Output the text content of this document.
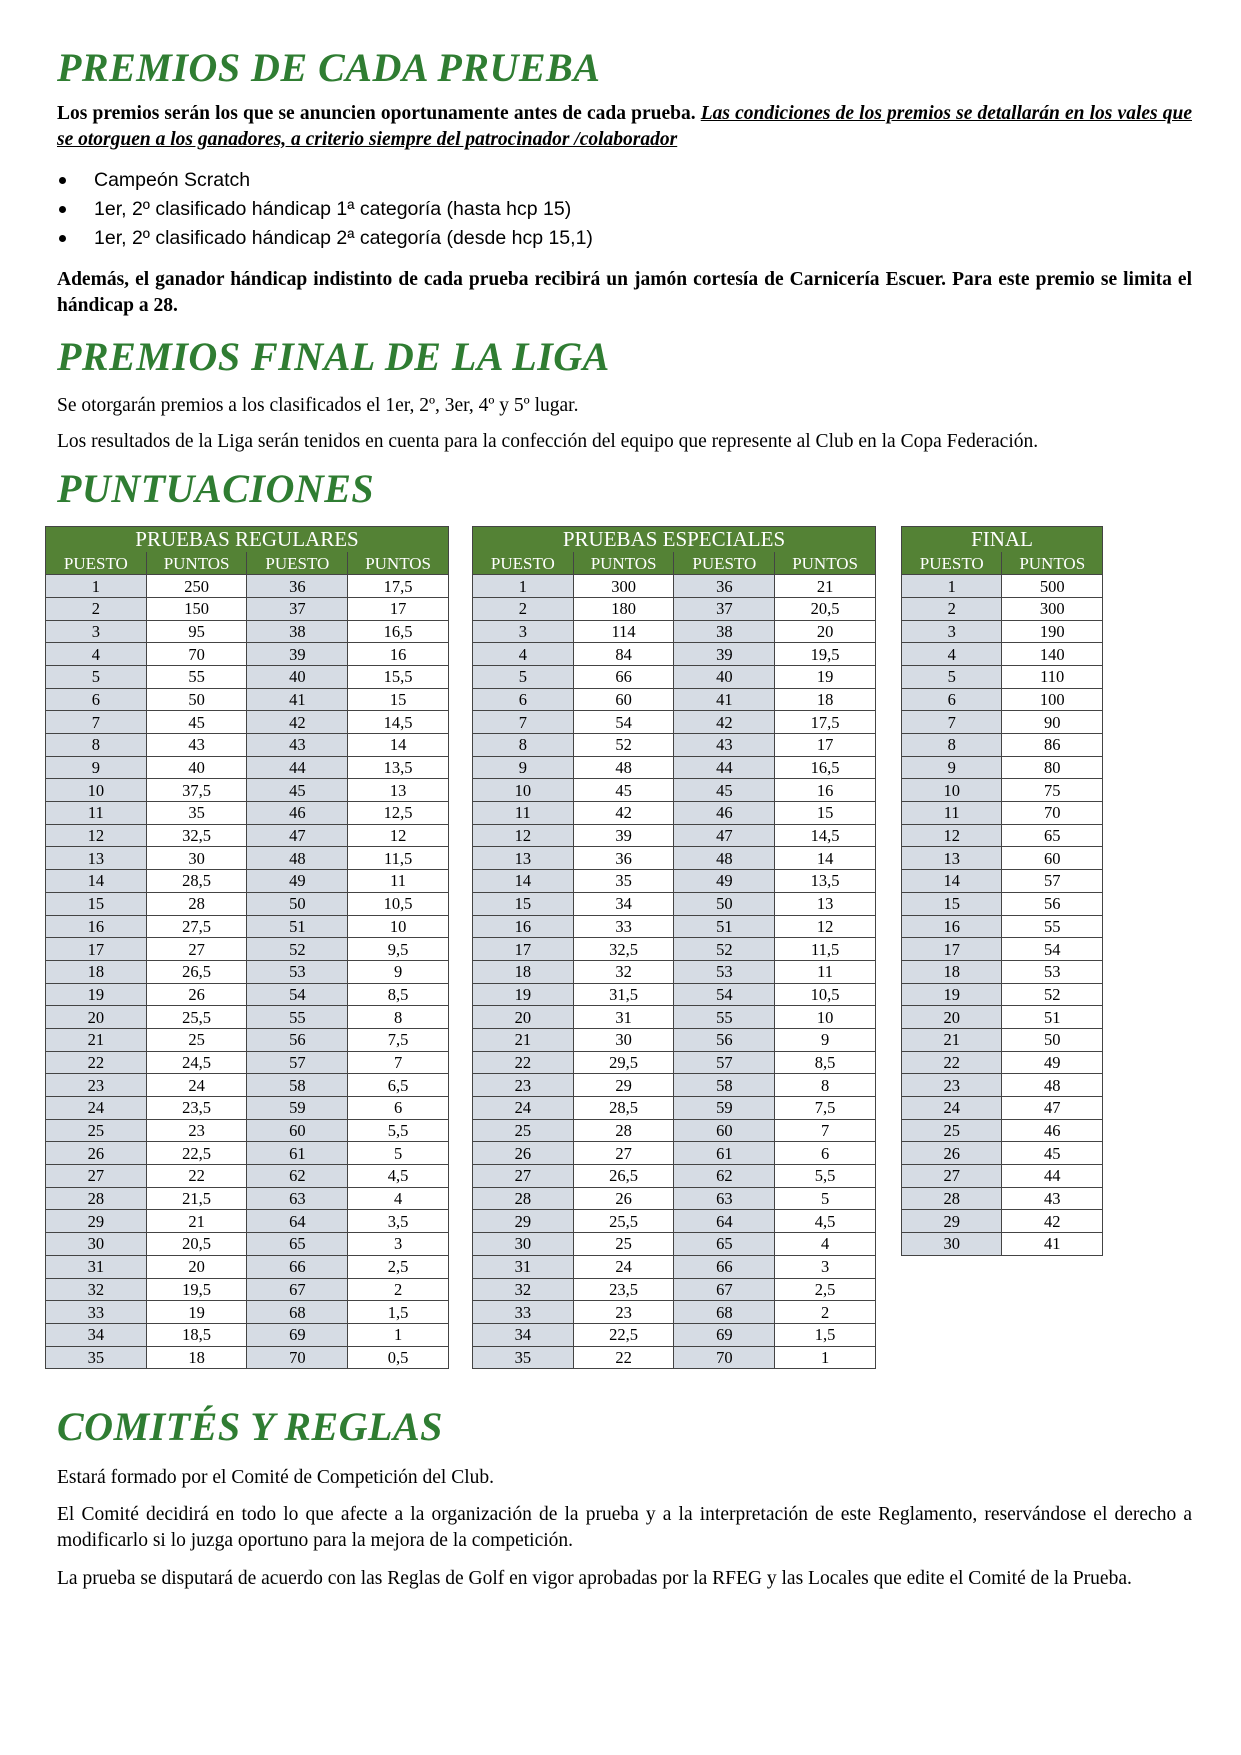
PREMIOS DE CADA PRUEBA

Los premios serán los que se anuncien oportunamente antes de cada prueba. Las condiciones de los premios se detallarán en los vales que se otorguen a los ganadores, a criterio siempre del patrocinador /colaborador

Campeón Scratch
1er, 2º clasificado hándicap 1ª categoría (hasta hcp 15)
1er, 2º clasificado hándicap 2ª categoría (desde hcp 15,1)

Además, el ganador hándicap indistinto de cada prueba recibirá un jamón cortesía de Carnicería Escuer. Para este premio se limita el hándicap a 28.

PREMIOS FINAL DE LA LIGA

Se otorgarán premios a los clasificados el 1er, 2º, 3er, 4º y 5º lugar.

Los resultados de la Liga serán tenidos en cuenta para la confección del equipo que represente al Club en la Copa Federación.

PUNTUACIONES
COMITÉS Y REGLAS

Estará formado por el Comité de Competición del Club.

El Comité decidirá en todo lo que afecte a la organización de la prueba y a la interpretación de este Reglamento, reservándose el derecho a modificarlo si lo juzga oportuno para la mejora de la competición.

La prueba se disputará de acuerdo con las Reglas de Golf en vigor aprobadas por la RFEG y las Locales que edite el Comité de la Prueba.

PRUEBAS REGULARES			
PUESTO	PUNTOS	PUESTO	PUNTOS
1	250	36	17,5
2	150	37	17
3	95	38	16,5
4	70	39	16
5	55	40	15,5
6	50	41	15
7	45	42	14,5
8	43	43	14
9	40	44	13,5
10	37,5	45	13
11	35	46	12,5
12	32,5	47	12
13	30	48	11,5
14	28,5	49	11
15	28	50	10,5
16	27,5	51	10
17	27	52	9,5
18	26,5	53	9
19	26	54	8,5
20	25,5	55	8
21	25	56	7,5
22	24,5	57	7
23	24	58	6,5
24	23,5	59	6
25	23	60	5,5
26	22,5	61	5
27	22	62	4,5
28	21,5	63	4
29	21	64	3,5
30	20,5	65	3
31	20	66	2,5
32	19,5	67	2
33	19	68	1,5
34	18,5	69	1
35	18	70	0,5
PRUEBAS ESPECIALES			
PUESTO	PUNTOS	PUESTO	PUNTOS
1	300	36	21
2	180	37	20,5
3	114	38	20
4	84	39	19,5
5	66	40	19
6	60	41	18
7	54	42	17,5
8	52	43	17
9	48	44	16,5
10	45	45	16
11	42	46	15
12	39	47	14,5
13	36	48	14
14	35	49	13,5
15	34	50	13
16	33	51	12
17	32,5	52	11,5
18	32	53	11
19	31,5	54	10,5
20	31	55	10
21	30	56	9
22	29,5	57	8,5
23	29	58	8
24	28,5	59	7,5
25	28	60	7
26	27	61	6
27	26,5	62	5,5
28	26	63	5
29	25,5	64	4,5
30	25	65	4
31	24	66	3
32	23,5	67	2,5
33	23	68	2
34	22,5	69	1,5
35	22	70	1
FINAL	
PUESTO	PUNTOS
1	500
2	300
3	190
4	140
5	110
6	100
7	90
8	86
9	80
10	75
11	70
12	65
13	60
14	57
15	56
16	55
17	54
18	53
19	52
20	51
21	50
22	49
23	48
24	47
25	46
26	45
27	44
28	43
29	42
30	41
